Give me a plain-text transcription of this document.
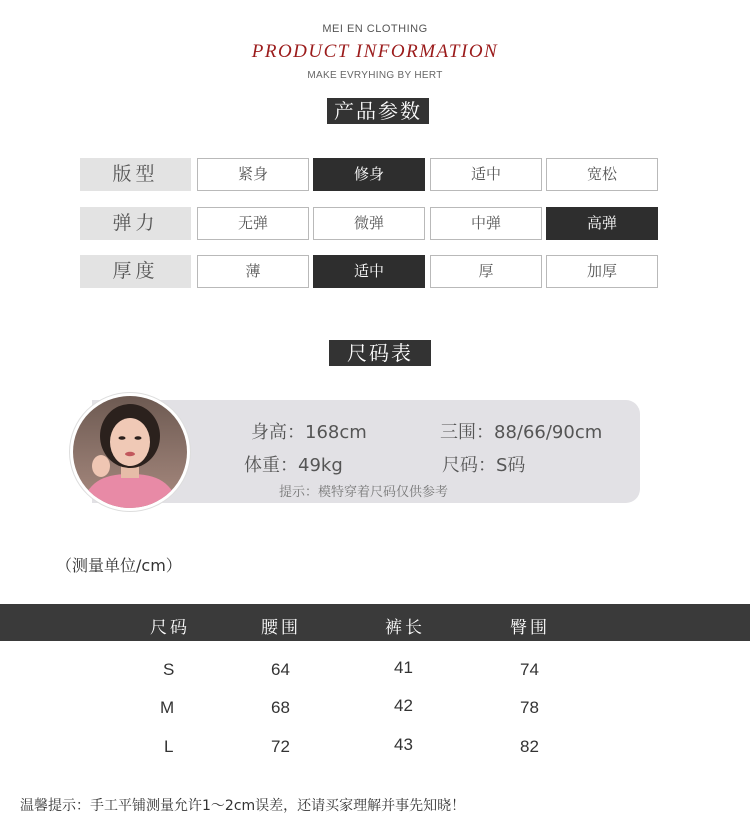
MEI EN CLOTHING
PRODUCT INFORMATION
MAKE EVRYHING BY HERT
产品参数
版型	紧身	修身	适中	宽松
弹力	无弹	微弹	中弹	高弹
厚度	薄	适中	厚	加厚
尺码表
身高：168cm	三围：88/66/90cm
体重：49kg	尺码：S码
提示：模特穿着尺码仅供参考
（测量单位/cm）
尺码	腰围	裤长	臀围
S	64	41	74
M	68	42	78
L	72	43	82
温馨提示：手工平铺测量允许1～2cm误差，还请买家理解并事先知晓！
